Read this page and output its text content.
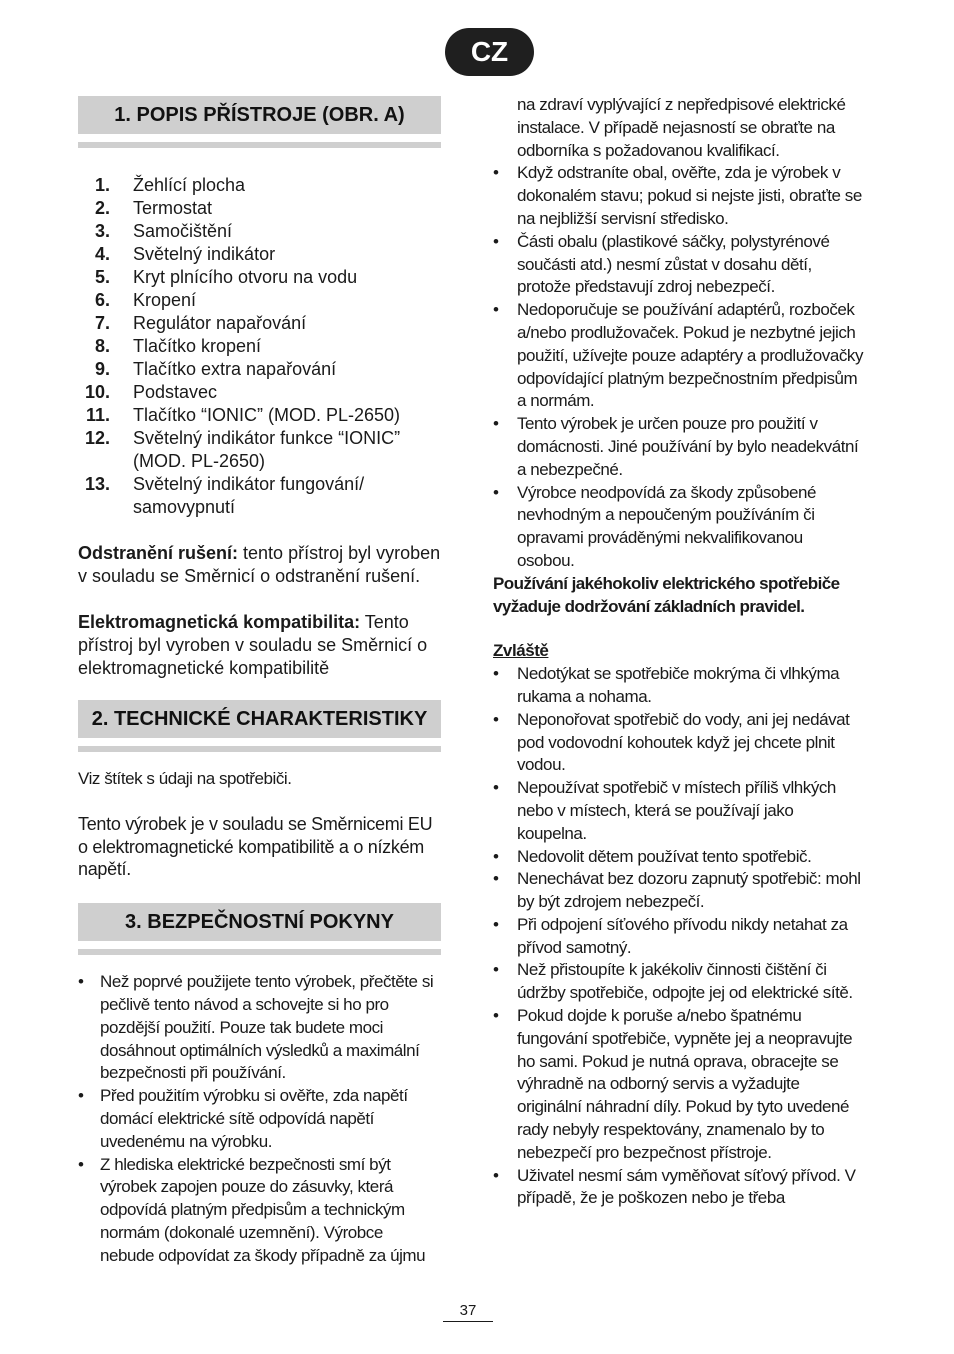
CZ
1. POPIS PŘÍSTROJE (OBR. A)
1. Žehlící plocha
2. Termostat
3. Samočištění
4. Světelný indikátor
5. Kryt plnícího otvoru na vodu
6. Kropení
7. Regulátor napařování
8. Tlačítko kropení
9. Tlačítko extra napařování
10. Podstavec
11. Tlačítko “IONIC” (MOD. PL-2650)
12. Světelný indikátor funkce “IONIC” (MOD. PL-2650)
13. Světelný indikátor fungování/ samovypnutí

Odstranění rušení: tento přístroj byl vyroben v souladu se Směrnicí o odstranění rušení.

Elektromagnetická kompatibilita: Tento přístroj byl vyroben v souladu se Směrnicí o elektromagnetické kompatibilitě

2. TECHNICKÉ CHARAKTERISTIKY

Viz štítek s údaji na spotřebiči.

Tento výrobek je v souladu se Směrnicemi EU o elektromagnetické kompatibilitě a o nízkém napětí.

3. BEZPEČNOSTNÍ POKYNY
• Než poprvé použijete tento výrobek, přečtěte si pečlivě tento návod a schovejte si ho pro pozdější použití. Pouze tak budete moci dosáhnout optimálních výsledků a maximální bezpečnosti při používání.
• Před použitím výrobku si ověřte, zda napětí domácí elektrické sítě odpovídá napětí uvedenému na výrobku.
• Z hlediska elektrické bezpečnosti smí být výrobek zapojen pouze do zásuvky, která odpovídá platným předpisům a technickým normám (dokonalé uzemnění). Výrobce nebude odpovídat za škody případně za újmu
na zdraví vyplývající z nepředpisové elektrické instalace. V případě nejasností se obraťte na odborníka s požadovanou kvalifikací.
• Když odstraníte obal, ověřte, zda je výrobek v dokonalém stavu; pokud si nejste jisti, obraťte se na nejbližší servisní středisko.
• Části obalu (plastikové sáčky, polystyrénové součásti atd.) nesmí zůstat v dosahu dětí, protože představují zdroj nebezpečí.
• Nedoporučuje se používání adaptérů, rozboček a/nebo prodlužovaček. Pokud je nezbytné jejich použití, užívejte pouze adaptéry a prodlužovačky odpovídající platným bezpečnostním předpisům a normám.
• Tento výrobek je určen pouze pro použití v domácnosti. Jiné používání by bylo neadekvátní a nebezpečné.
• Výrobce neodpovídá za škody způsobené nevhodným a nepoučeným používáním či opravami prováděnými nekvalifikovanou osobou.
Používání jakéhokoliv elektrického spotřebiče vyžaduje dodržování základních pravidel.
Zvláště
• Nedotýkat se spotřebiče mokrýma či vlhkýma rukama a nohama.
• Neponořovat spotřebič do vody, ani jej nedávat pod vodovodní kohoutek když jej chcete plnit vodou.
• Nepoužívat spotřebič v místech příliš vlhkých nebo v místech, která se používají jako koupelna.
• Nedovolit dětem používat tento spotřebič.
• Nenechávat bez dozoru zapnutý spotřebič: mohl by být zdrojem nebezpečí.
• Při odpojení síťového přívodu nikdy netahat za přívod samotný.
• Než přistoupíte k jakékoliv činnosti čištění či údržby spotřebiče, odpojte jej od elektrické sítě.
• Pokud dojde k poruše a/nebo špatnému fungování spotřebiče, vypněte jej a neopravujte ho sami. Pokud je nutná oprava, obracejte se výhradně na odborný servis a vyžadujte originální náhradní díly. Pokud by tyto uvedené rady nebyly respektovány, znamenalo by to nebezpečí pro bezpečnost přístroje.
• Uživatel nesmí sám vyměňovat síťový přívod. V případě, že je poškozen nebo je třeba
37
